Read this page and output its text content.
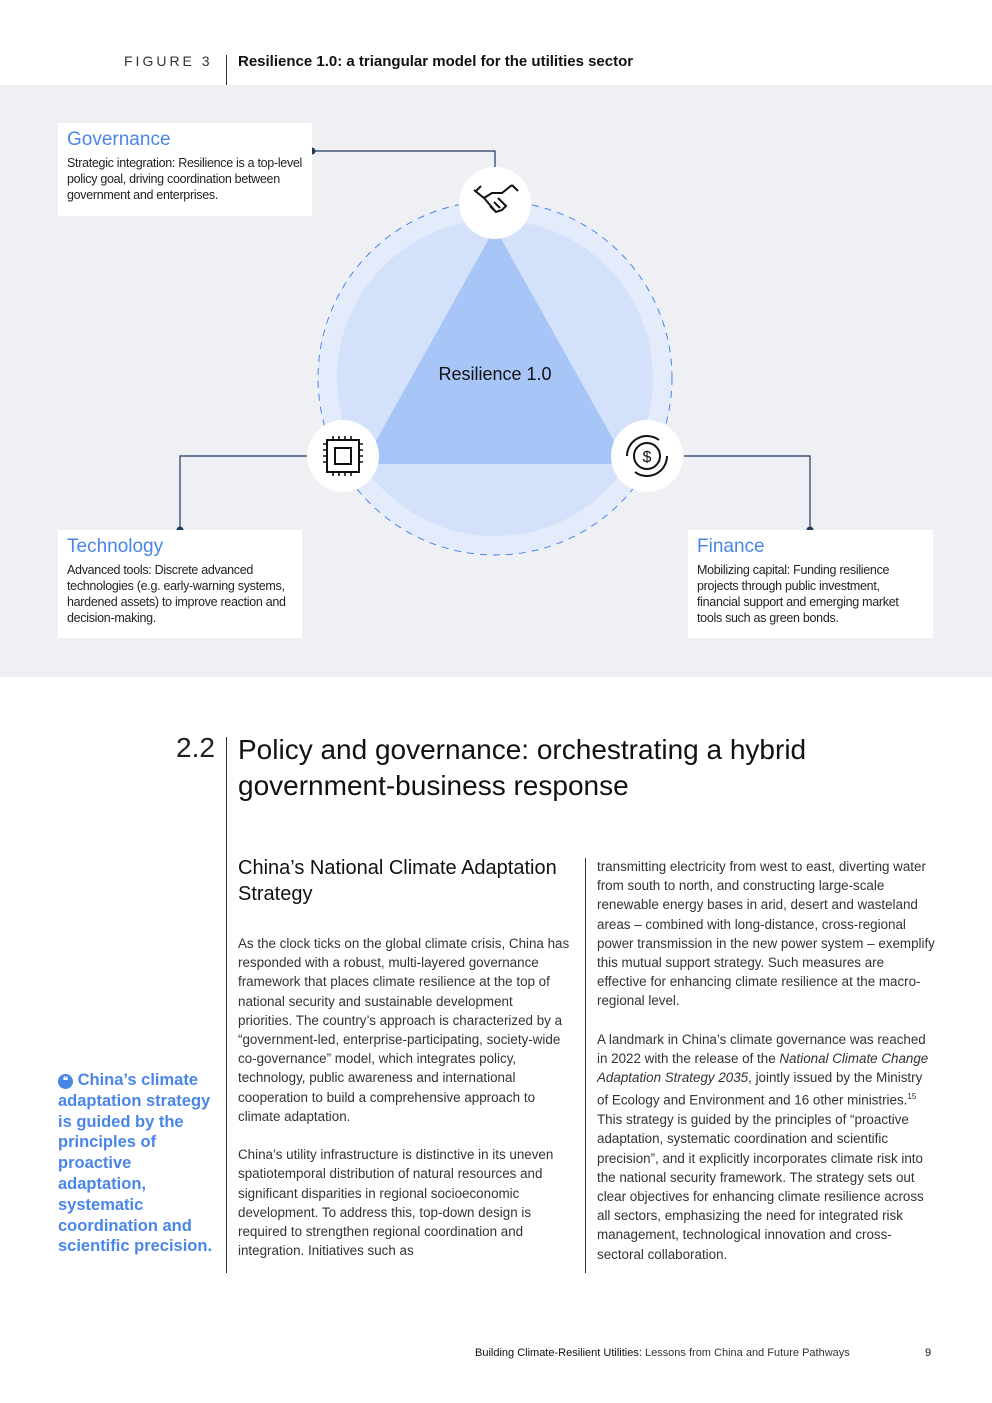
FIGURE 3 Resilience 1.0: a triangular model for the utilities sector
$
Resilience 1.0
Governance

Strategic integration: Resilience is a top-level policy goal, driving coordination between government and enterprises.

Technology

Advanced tools: Discrete advanced technologies (e.g. early-warning systems, hardened assets) to improve reaction and decision-making.

Finance

Mobilizing capital: Funding resilience projects through public investment, financial support and emerging market tools such as green bonds.

2.2 Policy and governance: orchestrating a hybrid government-business response
China’s National Climate Adaptation Strategy

As the clock ticks on the global climate crisis, China has responded with a robust, multi-layered governance framework that places climate resilience at the top of national security and sustainable development priorities. The country’s approach is characterized by a “government-led, enterprise-participating, society-wide co-governance” model, which integrates policy, technology, public awareness and international cooperation to build a comprehensive approach to climate adaptation.

China’s utility infrastructure is distinctive in its uneven spatiotemporal distribution of natural resources and significant disparities in regional socioeconomic development. To address this, top-down design is required to strengthen regional coordination and integration. Initiatives such as

transmitting electricity from west to east, diverting water from south to north, and constructing large-scale renewable energy bases in arid, desert and wasteland areas – combined with long-distance, cross-regional power transmission in the new power system – exemplify this mutual support strategy. Such measures are effective for enhancing climate resilience at the macro-regional level.

A landmark in China’s climate governance was reached in 2022 with the release of the National Climate Change Adaptation Strategy 2035, jointly issued by the Ministry of Ecology and Environment and 16 other ministries.$^{15}$ This strategy is guided by the principles of “proactive adaptation, systematic coordination and scientific precision”, and it explicitly incorporates climate risk into the national security framework. The strategy sets out clear objectives for enhancing climate resilience across all sectors, emphasizing the need for integrated risk management, technological innovation and cross-sectoral collaboration.

❝ China’s climate adaptation strategy is guided by the principles of proactive adaptation, systematic coordination and scientific precision.
Building Climate-Resilient Utilities: Lessons from China and Future Pathways	9
